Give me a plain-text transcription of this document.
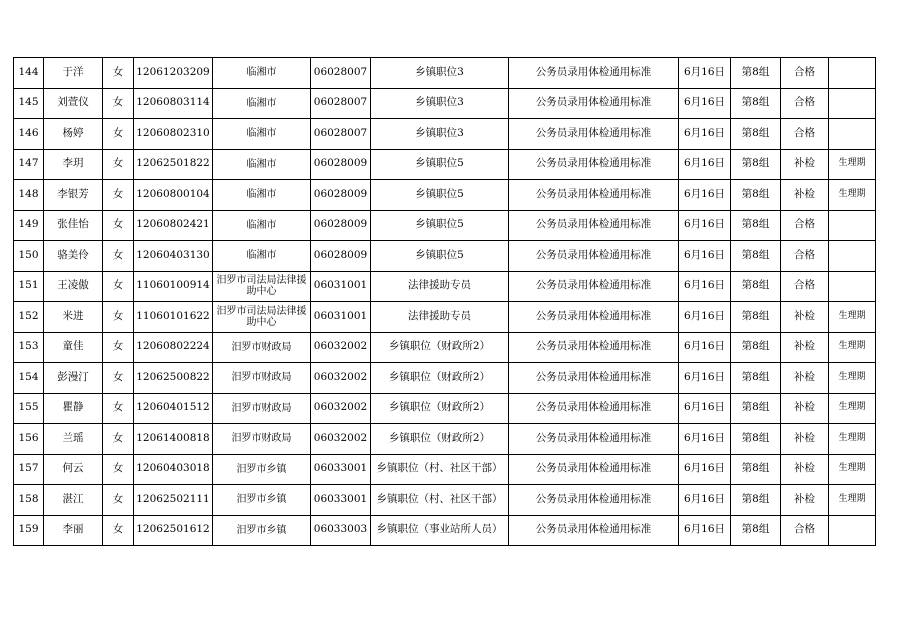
144	于洋	女	12061203209	临湘市	06028007	乡镇职位3	公务员录用体检通用标准	6月16日	第8组	合格	
145	刘萱仪	女	12060803114	临湘市	06028007	乡镇职位3	公务员录用体检通用标准	6月16日	第8组	合格	
146	杨婷	女	12060802310	临湘市	06028007	乡镇职位3	公务员录用体检通用标准	6月16日	第8组	合格	
147	李玥	女	12062501822	临湘市	06028009	乡镇职位5	公务员录用体检通用标准	6月16日	第8组	补检	生理期
148	李银芳	女	12060800104	临湘市	06028009	乡镇职位5	公务员录用体检通用标准	6月16日	第8组	补检	生理期
149	张佳怡	女	12060802421	临湘市	06028009	乡镇职位5	公务员录用体检通用标准	6月16日	第8组	合格	
150	骆美伶	女	12060403130	临湘市	06028009	乡镇职位5	公务员录用体检通用标准	6月16日	第8组	合格	
151	王凌傲	女	11060100914	汨罗市司法局法律援助中心	06031001	法律援助专员	公务员录用体检通用标准	6月16日	第8组	合格	
152	米进	女	11060101622	汨罗市司法局法律援助中心	06031001	法律援助专员	公务员录用体检通用标准	6月16日	第8组	补检	生理期
153	童佳	女	12060802224	汨罗市财政局	06032002	乡镇职位（财政所2）	公务员录用体检通用标准	6月16日	第8组	补检	生理期
154	彭漫汀	女	12062500822	汨罗市财政局	06032002	乡镇职位（财政所2）	公务员录用体检通用标准	6月16日	第8组	补检	生理期
155	瞿静	女	12060401512	汨罗市财政局	06032002	乡镇职位（财政所2）	公务员录用体检通用标准	6月16日	第8组	补检	生理期
156	兰瑶	女	12061400818	汨罗市财政局	06032002	乡镇职位（财政所2）	公务员录用体检通用标准	6月16日	第8组	补检	生理期
157	何云	女	12060403018	汨罗市乡镇	06033001	乡镇职位（村、社区干部）	公务员录用体检通用标准	6月16日	第8组	补检	生理期
158	湛江	女	12062502111	汨罗市乡镇	06033001	乡镇职位（村、社区干部）	公务员录用体检通用标准	6月16日	第8组	补检	生理期
159	李丽	女	12062501612	汨罗市乡镇	06033003	乡镇职位（事业站所人员）	公务员录用体检通用标准	6月16日	第8组	合格	
